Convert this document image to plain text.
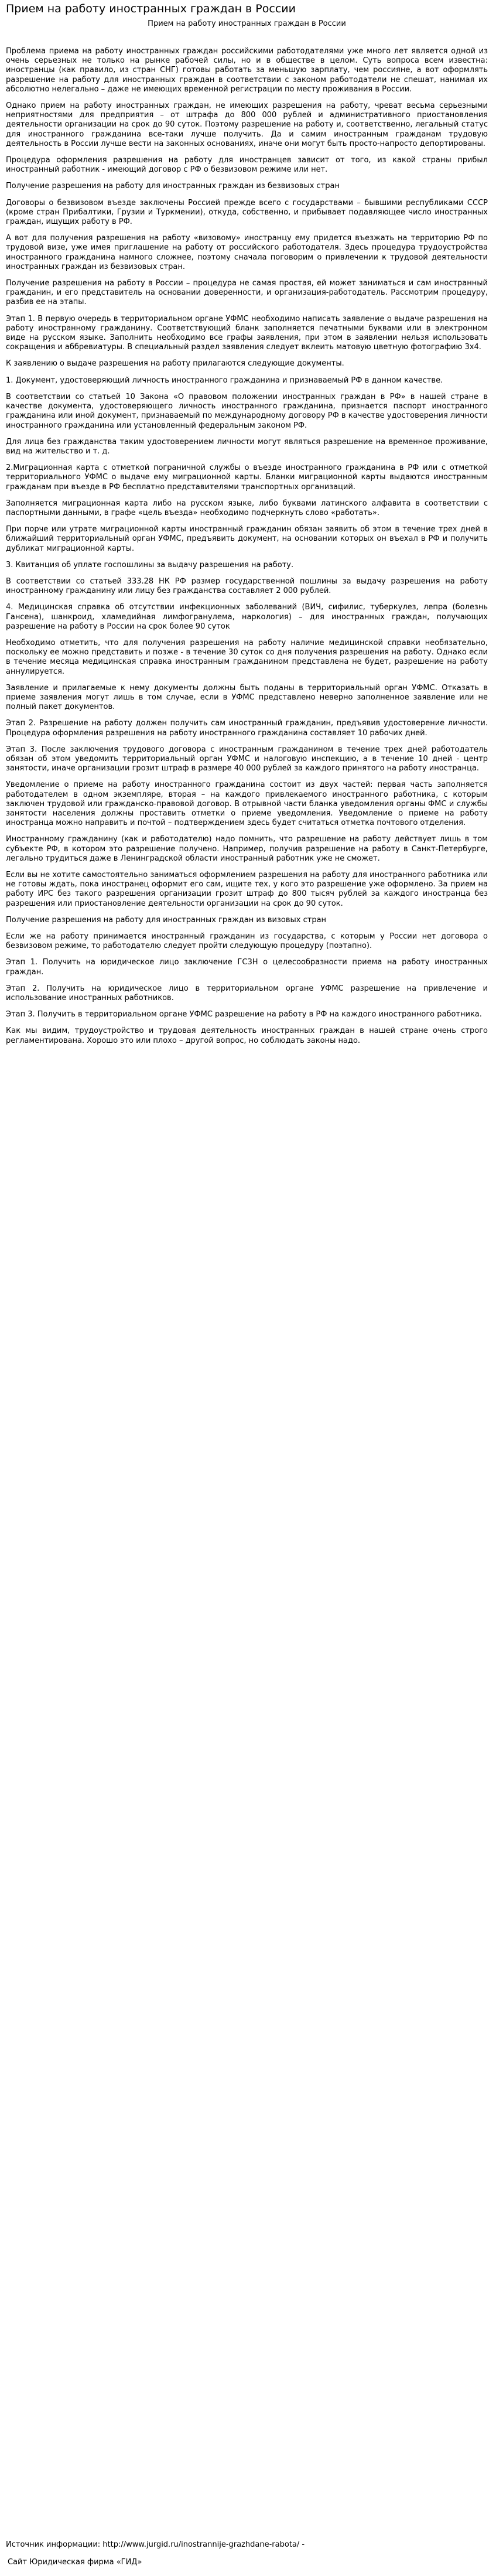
Прием на работу иностранных граждан в России
Прием на работу иностранных граждан в России

Проблема приема на работу иностранных граждан российскими работодателями уже много лет является одной из очень серьезных не только на рынке рабочей силы, но и в обществе в целом. Суть вопроса всем известна: иностранцы (как правило, из стран СНГ) готовы работать за меньшую зарплату, чем россияне, а вот оформлять разрешение на работу для иностранных граждан в соответствии с законом работодатели не спешат, нанимая их абсолютно нелегально – даже не имеющих временной регистрации по месту проживания в России.

Однако прием на работу иностранных граждан, не имеющих разрешения на работу, чреват весьма серьезными неприятностями для предприятия – от штрафа до 800 000 рублей и административного приостановления деятельности организации на срок до 90 суток. Поэтому разрешение на работу и, соответственно, легальный статус для иностранного гражданина все-таки лучше получить. Да и самим иностранным гражданам трудовую деятельность в России лучше вести на законных основаниях, иначе они могут быть просто-напросто депортированы.

Процедура оформления разрешения на работу для иностранцев зависит от того, из какой страны прибыл иностранный работник - имеющий договор с РФ о безвизовом режиме или нет.

Получение разрешения на работу для иностранных граждан из безвизовых стран

Договоры о безвизовом въезде заключены Россией прежде всего с государствами – бывшими республиками СССР (кроме стран Прибалтики, Грузии и Туркмении), откуда, собственно, и прибывает подавляющее число иностранных граждан, ищущих работу в РФ.

А вот для получения разрешения на работу «визовому» иностранцу ему придется въезжать на территорию РФ по трудовой визе, уже имея приглашение на работу от российского работодателя. Здесь процедура трудоустройства иностранного гражданина намного сложнее, поэтому сначала поговорим о привлечении к трудовой деятельности иностранных граждан из безвизовых стран.

Получение разрешения на работу в России – процедура не самая простая, ей может заниматься и сам иностранный гражданин, и его представитель на основании доверенности, и организация-работодатель. Рассмотрим процедуру, разбив ее на этапы.

Этап 1. В первую очередь в территориальном органе УФМС необходимо написать заявление о выдаче разрешения на работу иностранному гражданину. Соответствующий бланк заполняется печатными буквами или в электронном виде на русском языке. Заполнить необходимо все графы заявления, при этом в заявлении нельзя использовать сокращения и аббревиатуры. В специальный раздел заявления следует вклеить матовую цветную фотографию 3х4.

К заявлению о выдаче разрешения на работу прилагаются следующие документы.

1. Документ, удостоверяющий личность иностранного гражданина и признаваемый РФ в данном качестве.

В соответствии со статьей 10 Закона «О правовом положении иностранных граждан в РФ» в нашей стране в качестве документа, удостоверяющего личность иностранного гражданина, признается паспорт иностранного гражданина или иной документ, признаваемый по международному договору РФ в качестве удостоверения личности иностранного гражданина или установленный федеральным законом РФ.

Для лица без гражданства таким удостоверением личности могут являться разрешение на временное проживание, вид на жительство и т. д.

2.Миграционная карта с отметкой пограничной службы о въезде иностранного гражданина в РФ или с отметкой территориального УФМС о выдаче ему миграционной карты. Бланки миграционной карты выдаются иностранным гражданам при въезде в РФ бесплатно представителями транспортных организаций.

Заполняется миграционная карта либо на русском языке, либо буквами латинского алфавита в соответствии с паспортными данными, в графе «цель въезда» необходимо подчеркнуть слово «работать».

При порче или утрате миграционной карты иностранный гражданин обязан заявить об этом в течение трех дней в ближайший территориальный орган УФМС, предъявить документ, на основании которых он въехал в РФ и получить дубликат миграционной карты.

3. Квитанция об уплате госпошлины за выдачу разрешения на работу.

В соответствии со статьей 333.28 НК РФ размер государственной пошлины за выдачу разрешения на работу иностранному гражданину или лицу без гражданства составляет 2 000 рублей.

4. Медицинская справка об отсутствии инфекционных заболеваний (ВИЧ, сифилис, туберкулез, лепра (болезнь Гансена), шанкроид, хламедийная лимфогранулема, наркология) – для иностранных граждан, получающих разрешение на работу в России на срок более 90 суток

Необходимо отметить, что для получения разрешения на работу наличие медицинской справки необязательно, поскольку ее можно представить и позже - в течение 30 суток со дня получения разрешения на работу. Однако если в течение месяца медицинская справка иностранным гражданином представлена не будет, разрешение на работу аннулируется.

Заявление и прилагаемые к нему документы должны быть поданы в территориальный орган УФМС. Отказать в приеме заявления могут лишь в том случае, если в УФМС представлено неверно заполненное заявление или не полный пакет документов.

Этап 2. Разрешение на работу должен получить сам иностранный гражданин, предъявив удостоверение личности. Процедура оформления разрешения на работу иностранного гражданина составляет 10 рабочих дней.

Этап 3. После заключения трудового договора с иностранным гражданином в течение трех дней работодатель обязан об этом уведомить территориальный орган УФМС и налоговую инспекцию, а в течение 10 дней - центр занятости, иначе организации грозит штраф в размере 40 000 рублей за каждого принятого на работу иностранца.

Уведомление о приеме на работу иностранного гражданина состоит из двух частей: первая часть заполняется работодателем в одном экземпляре, вторая – на каждого привлекаемого иностранного работника, с которым заключен трудовой или гражданско-правовой договор. В отрывной части бланка уведомления органы ФМС и службы занятости населения должны проставить отметки о приеме уведомления. Уведомление о приеме на работу иностранца можно направить и почтой – подтверждением здесь будет считаться отметка почтового отделения.

Иностранному гражданину (как и работодателю) надо помнить, что разрешение на работу действует лишь в том субъекте РФ, в котором это разрешение получено. Например, получив разрешение на работу в Санкт-Петербурге, легально трудиться даже в Ленинградской области иностранный работник уже не сможет.

Если вы не хотите самостоятельно заниматься оформлением разрешения на работу для иностранного работника или не готовы ждать, пока иностранец оформит его сам, ищите тех, у кого это разрешение уже оформлено. За прием на работу ИРС без такого разрешения организации грозит штраф до 800 тысяч рублей за каждого иностранца без разрешения или приостановление деятельности организации на срок до 90 суток.

Получение разрешения на работу для иностранных граждан из визовых стран

Если же на работу принимается иностранный гражданин из государства, с которым у России нет договора о безвизовом режиме, то работодателю следует пройти следующую процедуру (поэтапно).

Этап 1. Получить на юридическое лицо заключение ГСЗН о целесообразности приема на работу иностранных граждан.

Этап 2. Получить на юридическое лицо в территориальном органе УФМС разрешение на привлечение и использование иностранных работников.

Этап 3. Получить в территориальном органе УФМС разрешение на работу в РФ на каждого иностранного работника.

Как мы видим, трудоустройство и трудовая деятельность иностранных граждан в нашей стране очень строго регламентирована. Хорошо это или плохо – другой вопрос, но соблюдать законы надо.

Источник информации: http://www.jurgid.ru/inostrannije-grazhdane-rabota/ -

Сайт Юридическая фирма «ГИД»
